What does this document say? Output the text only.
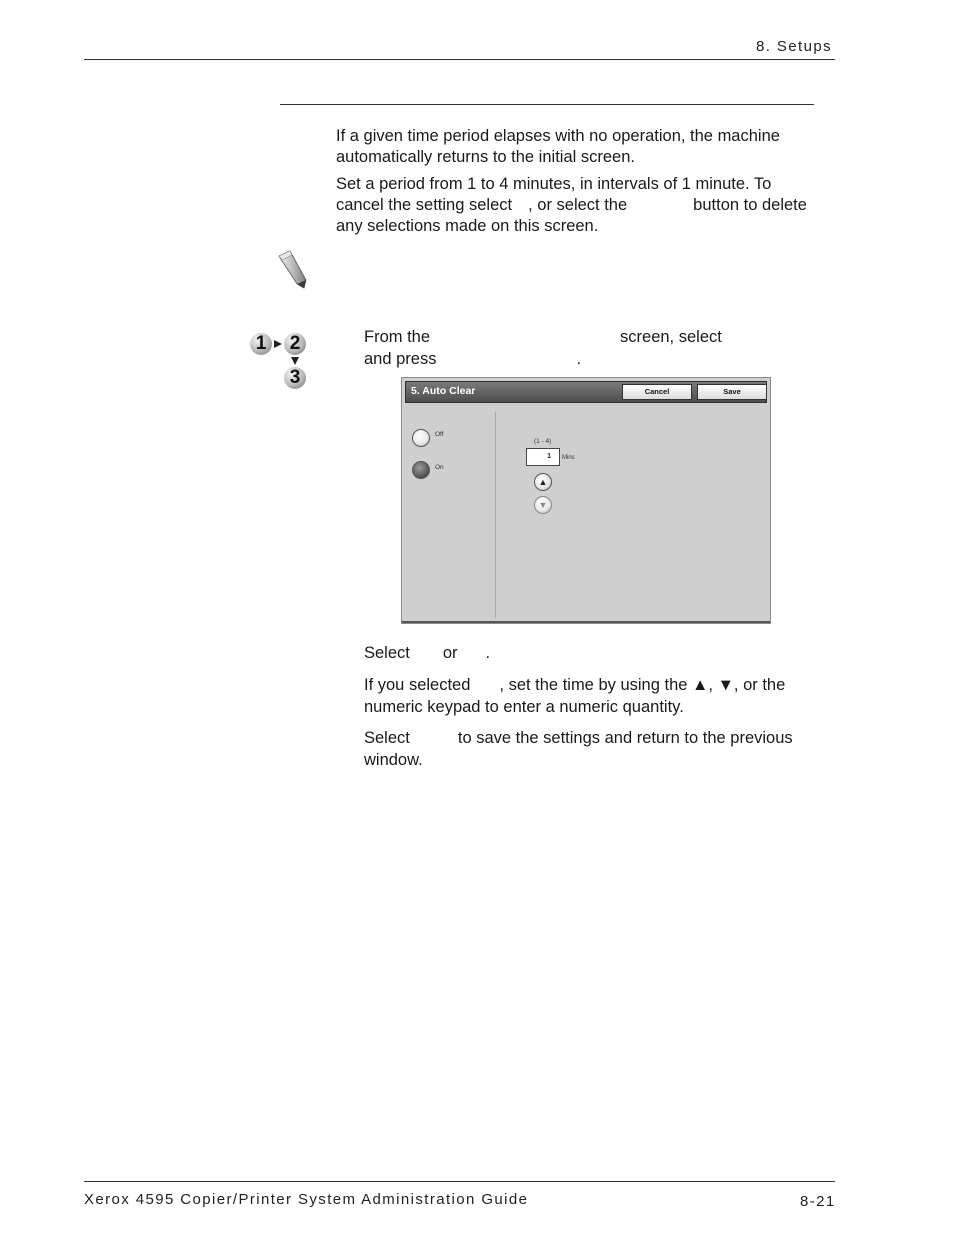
8. Setups

If a given time period elapses with no operation, the machine automatically returns to the initial screen.

Set a period from 1 to 4 minutes, in intervals of 1 minute. To
cancel the setting select , or select the	button to delete
any selections made on this screen.
1	2
3
From the	screen, select
and press	.
5. Auto Clear	Cancel	Save
Off
On
(1 - 4)
1	Mins
▲
▼
Select or .
If you selected , set the time by using the ▲, ▼, or the
numeric keypad to enter a numeric quantity.
Select	to save the settings and return to the previous
window.
Xerox 4595 Copier/Printer System Administration Guide	8-21
